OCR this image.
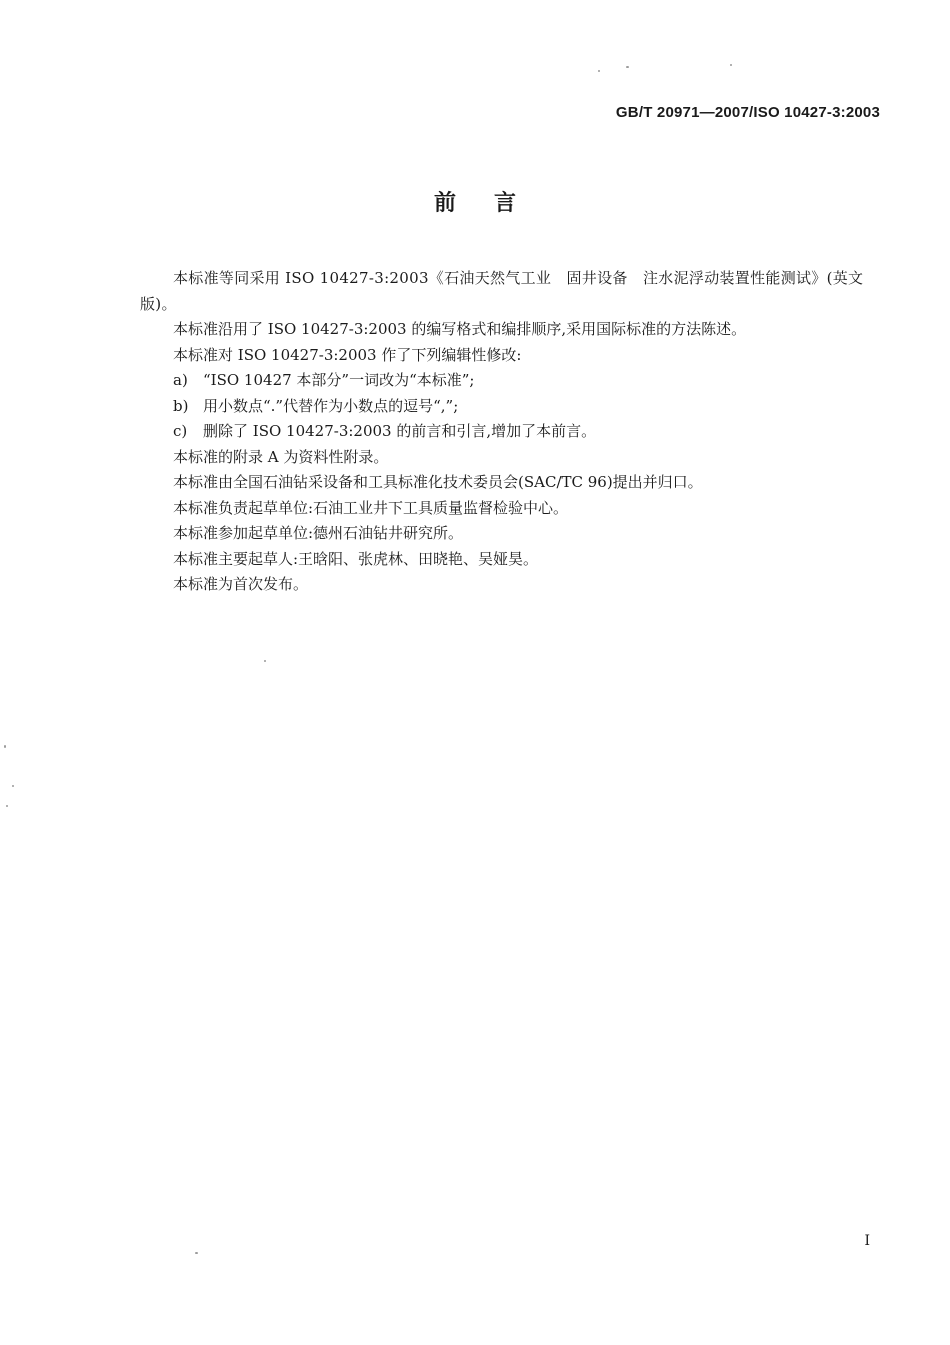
GB/T 20971—2007/ISO 10427-3:2003
前言

本标准等同采用 ISO 10427-3:2003《石油天然气工业　固井设备　注水泥浮动装置性能测试》(英文版)。

本标准沿用了 ISO 10427-3:2003 的编写格式和编排顺序,采用国际标准的方法陈述。

本标准对 ISO 10427-3:2003 作了下列编辑性修改:

a) “ISO 10427 本部分”一词改为“本标准”;

b) 用小数点“.”代替作为小数点的逗号“,”;

c) 删除了 ISO 10427-3:2003 的前言和引言,增加了本前言。

本标准的附录 A 为资料性附录。

本标准由全国石油钻采设备和工具标准化技术委员会(SAC/TC 96)提出并归口。

本标准负责起草单位:石油工业井下工具质量监督检验中心。

本标准参加起草单位:德州石油钻井研究所。

本标准主要起草人:王晗阳、张虎林、田晓艳、吴娅昊。

本标准为首次发布。

I
